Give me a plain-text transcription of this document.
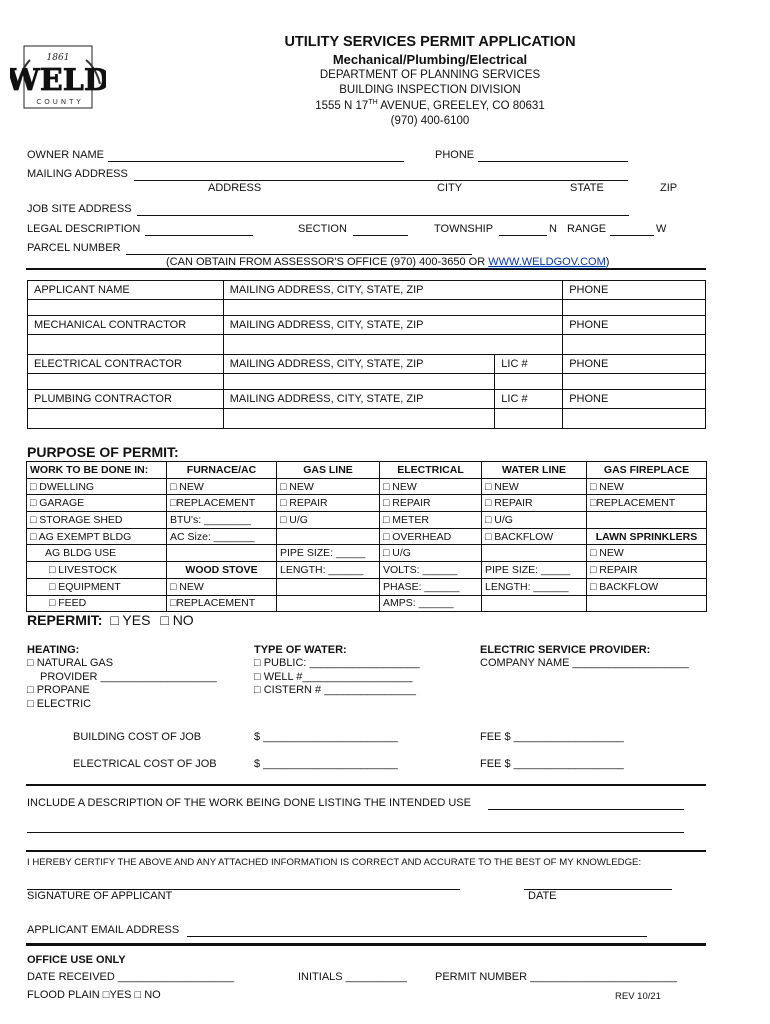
1861
WELD
COUNTY
UTILITY SERVICES PERMIT APPLICATION
Mechanical/Plumbing/Electrical
DEPARTMENT OF PLANNING SERVICES
BUILDING INSPECTION DIVISION
1555 N 17TH AVENUE, GREELEY, CO 80631
(970) 400-6100
OWNER NAME	PHONE
MAILING ADDRESS
ADDRESS	CITY	STATE	ZIP
JOB SITE ADDRESS
LEGAL DESCRIPTION	SECTION	TOWNSHIP	N RANGE	W
PARCEL NUMBER
(CAN OBTAIN FROM ASSESSOR'S OFFICE (970) 400-3650 OR WWW.WELDGOV.COM)
APPLICANT NAME	MAILING ADDRESS, CITY, STATE, ZIP		PHONE

MECHANICAL CONTRACTOR	MAILING ADDRESS, CITY, STATE, ZIP		PHONE

ELECTRICAL CONTRACTOR	MAILING ADDRESS, CITY, STATE, ZIP	LIC #	PHONE

PLUMBING CONTRACTOR	MAILING ADDRESS, CITY, STATE, ZIP	LIC #	PHONE

PURPOSE OF PERMIT:
WORK TO BE DONE IN:	FURNACE/AC	GAS LINE	ELECTRICAL	WATER LINE	GAS FIREPLACE
□ DWELLING	□ NEW	□ NEW	□ NEW	□ NEW	□ NEW
□ GARAGE	□REPLACEMENT	□ REPAIR	□ REPAIR	□ REPAIR	□REPLACEMENT
□ STORAGE SHED	BTU's: ________	□ U/G	□ METER	□ U/G	
□ AG EXEMPT BLDG	AC Size: _______		□ OVERHEAD	□ BACKFLOW	LAWN SPRINKLERS
AG BLDG USE		PIPE SIZE: _____	□ U/G		□ NEW
□ LIVESTOCK	WOOD STOVE	LENGTH: ______	VOLTS: ______	PIPE SIZE: _____	□ REPAIR
□ EQUIPMENT	□ NEW		PHASE: ______	LENGTH: ______	□ BACKFLOW
□ FEED	□REPLACEMENT		AMPS: ______		
REPERMIT: □ YES □ NO
HEATING:
□ NATURAL GAS
PROVIDER ___________________
□ PROPANE
□ ELECTRIC
TYPE OF WATER:
□ PUBLIC: __________________
□ WELL #__________________
□ CISTERN # _______________
ELECTRIC SERVICE PROVIDER:
COMPANY NAME ___________________
BUILDING COST OF JOB	$ ______________________	FEE $ __________________
ELECTRICAL COST OF JOB	$ ______________________	FEE $ __________________
INCLUDE A DESCRIPTION OF THE WORK BEING DONE LISTING THE INTENDED USE
I HEREBY CERTIFY THE ABOVE AND ANY ATTACHED INFORMATION IS CORRECT AND ACCURATE TO THE BEST OF MY KNOWLEDGE:
SIGNATURE OF APPLICANT	DATE
APPLICANT EMAIL ADDRESS
OFFICE USE ONLY
DATE RECEIVED ___________________	INITIALS __________	PERMIT NUMBER ________________________
FLOOD PLAIN □YES □ NO	REV 10/21
